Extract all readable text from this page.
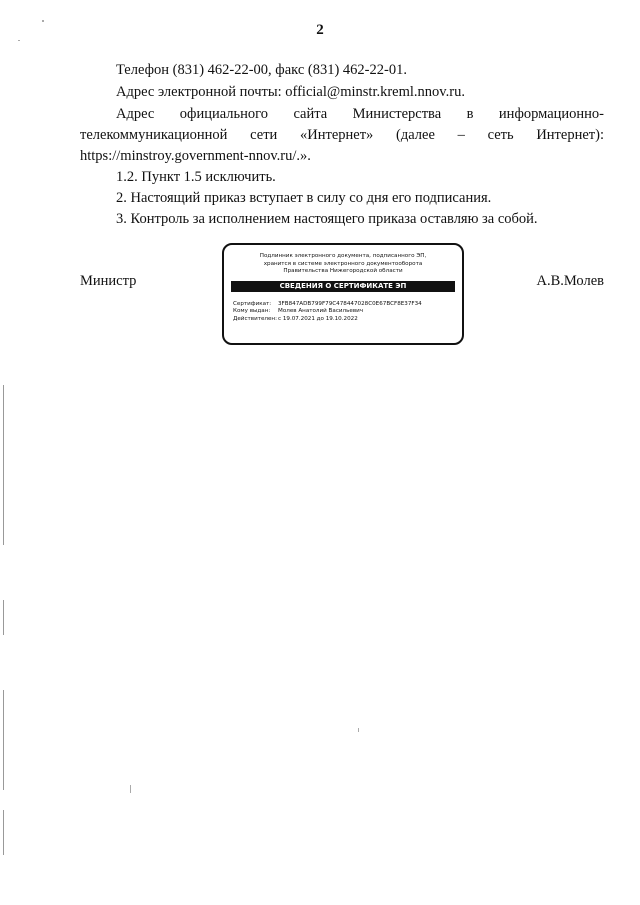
2
Телефон (831) 462-22-00, факс (831) 462-22-01.
Адрес электронной почты: official@minstr.kreml.nnov.ru.
Адрес официального сайта Министерства в информационно-
телекоммуникационной сети «Интернет» (далее – сеть Интернет):
https://minstroy.government-nnov.ru/.».
1.2. Пункт 1.5 исключить.
2. Настоящий приказ вступает в силу со дня его подписания.
3. Контроль за исполнением настоящего приказа оставляю за собой.
Министр	А.В.Молев
Подлинник электронного документа, подписанного ЭП,
хранится в системе электронного документооборота
Правительства Нижегородской области
СВЕДЕНИЯ О СЕРТИФИКАТЕ ЭП
Сертификат: 3FB847ADB799F79C478447028C0E67BCF8E37F34
Кому выдан: Молев Анатолий Васильевич
Действителен:с 19.07.2021 до 19.10.2022
